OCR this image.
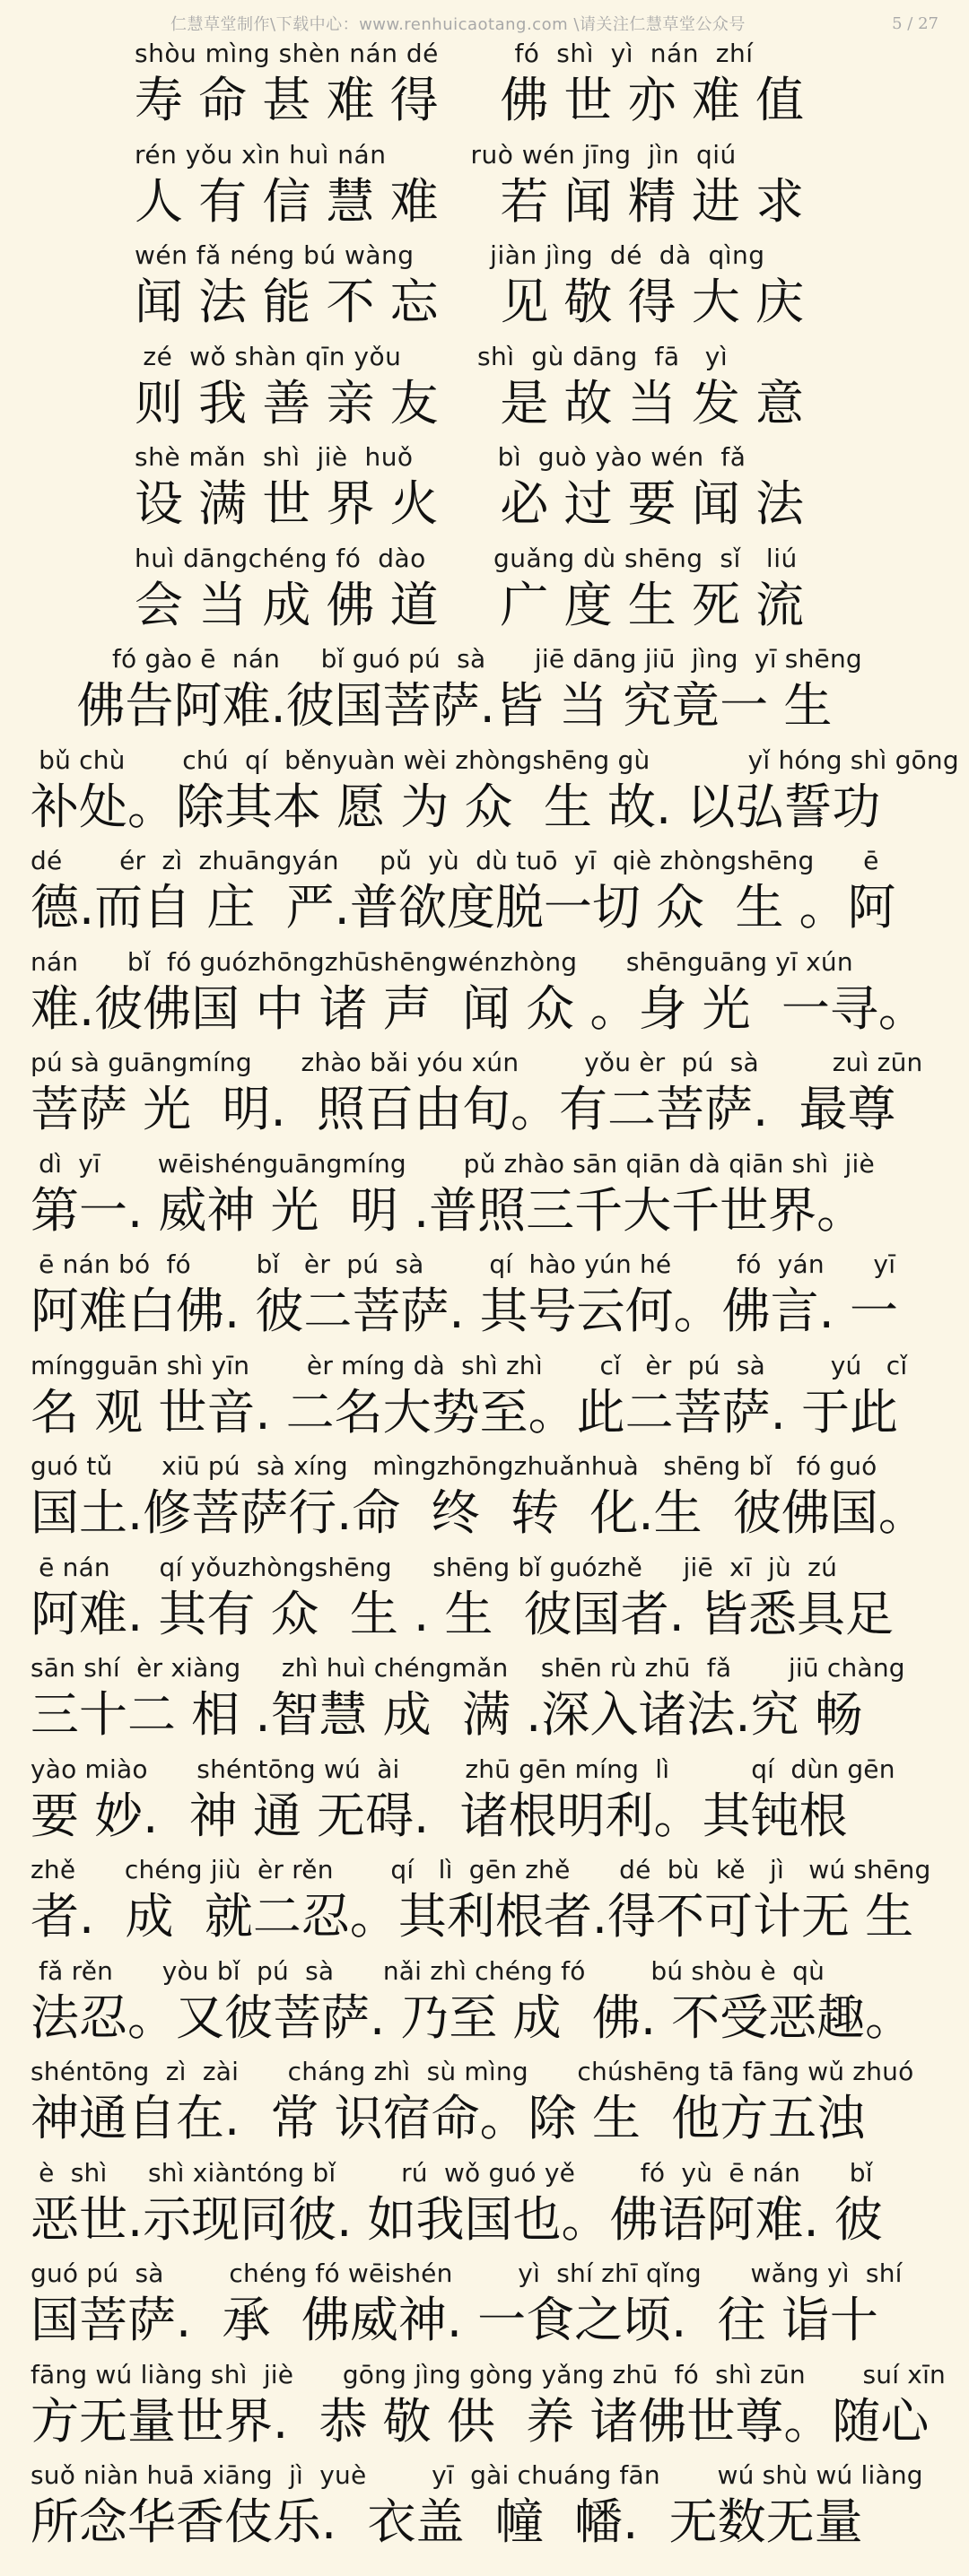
仁慧草堂制作\下载中心：www.renhuicaotang.com \请关注仁慧草堂公众号	5 / 27
shòu mìng shèn nán dé         fó  shì  yì  nán  zhí
寿 命 甚 难 得    佛 世 亦 难 值
rén yǒu xìn huì nán          ruò wén jīng  jìn  qiú
人 有 信 慧 难    若 闻 精 进 求
wén fǎ néng bú wàng         jiàn jìng  dé  dà  qìng
闻 法 能 不 忘    见 敬 得 大 庆
zé  wǒ shàn qīn yǒu         shì  gù dāng  fā   yì
则 我 善 亲 友    是 故 当 发 意
shè mǎn  shì  jiè  huǒ          bì  guò yào wén  fǎ
设 满 世 界 火    必 过 要 闻 法
huì dāngchéng fó  dào        guǎng dù shēng  sǐ   liú
会 当 成 佛 道    广 度 生 死 流
fó gào ē  nán     bǐ guó pú  sà      jiē dāng jiū  jìng  yī shēng
佛告阿难.彼国菩萨.皆 当 究竟一 生
bǔ chù       chú  qí  běnyuàn wèi zhòngshēng gù            yǐ hóng shì gōng
补处。除其本 愿 为 众  生 故. 以弘誓功
dé       ér  zì  zhuāngyán     pǔ  yù  dù tuō  yī  qiè zhòngshēng      ē
德.而自 庄  严.普欲度脱一切 众  生 。阿
nán      bǐ  fó guózhōngzhūshēngwénzhòng      shēnguāng yī xún
难.彼佛国 中 诸 声  闻 众 。身 光  一寻。
pú sà guāngmíng      zhào bǎi yóu xún        yǒu èr  pú  sà         zuì zūn
菩萨 光  明.  照百由旬。有二菩萨.  最尊
dì  yī       wēishénguāngmíng       pǔ zhào sān qiān dà qiān shì  jiè
第一. 威神 光  明 .普照三千大千世界。
ē nán bó  fó        bǐ   èr  pú  sà        qí  hào yún hé        fó  yán      yī
阿难白佛. 彼二菩萨. 其号云何。佛言. 一
míngguān shì yīn       èr míng dà  shì zhì       cǐ   èr  pú  sà        yú   cǐ
名 观 世音. 二名大势至。此二菩萨. 于此
guó tǔ      xiū pú  sà xíng   mìngzhōngzhuǎnhuà   shēng bǐ   fó guó
国土.修菩萨行.命  终  转  化.生  彼佛国。
ē nán      qí yǒuzhòngshēng     shēng bǐ guózhě     jiē  xī  jù  zú
阿难. 其有 众  生 . 生  彼国者. 皆悉具足
sān shí  èr xiàng     zhì huì chéngmǎn    shēn rù zhū  fǎ       jiū chàng
三十二 相 .智慧 成  满 .深入诸法.究 畅
yào miào      shéntōng wú  ài        zhū gēn míng  lì          qí  dùn gēn
要 妙.  神 通 无碍.  诸根明利。其钝根
zhě      chéng jiù  èr rěn       qí   lì  gēn zhě      dé  bù  kě   jì   wú shēng
者.  成  就二忍。其利根者.得不可计无 生
fǎ rěn      yòu bǐ  pú  sà      nǎi zhì chéng fó        bú shòu è  qù
法忍。又彼菩萨. 乃至 成  佛. 不受恶趣。
shéntōng  zì  zài      cháng zhì  sù mìng      chúshēng tā fāng wǔ zhuó
神通自在.  常 识宿命。除 生  他方五浊
è  shì     shì xiàntóng bǐ        rú  wǒ guó yě        fó  yù  ē nán      bǐ
恶世.示现同彼. 如我国也。佛语阿难. 彼
guó pú  sà        chéng fó wēishén        yì  shí zhī qǐng      wǎng yì  shí
国菩萨.  承  佛威神. 一食之顷.  往 诣十
fāng wú liàng shì  jiè      gōng jìng gòng yǎng zhū  fó  shì zūn       suí xīn
方无量世界.  恭 敬 供  养 诸佛世尊。随心
suǒ niàn huā xiāng  jì  yuè        yī  gài chuáng fān       wú shù wú liàng
所念华香伎乐.  衣盖  幢  幡.  无数无量
